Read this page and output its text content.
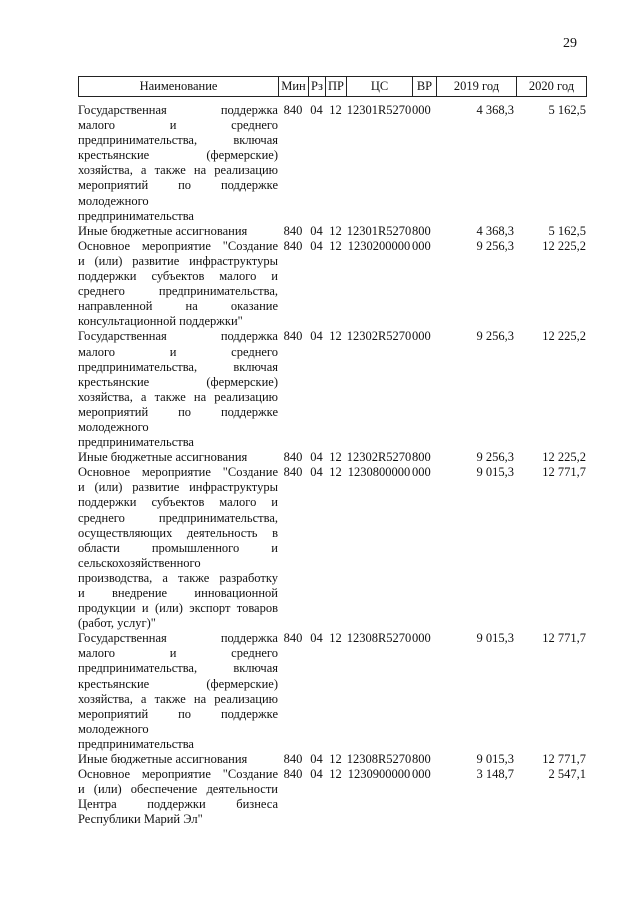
29
Наименование	Мин	Рз	ПР	ЦС	ВР	2019 год	2020 год
Государственная поддержка
малого и среднего
предпринимательства, включая
крестьянские (фермерские)
хозяйства, а также на реализацию
мероприятий по поддержке
молодежного
предпринимательства
840 04 12 12301R5270 000	4 368,3	5 162,5
Иные бюджетные ассигнования	840 04 12 12301R5270 800	4 368,3	5 162,5
Основное мероприятие "Создание
и (или) развитие инфраструктуры
поддержки субъектов малого и
среднего предпринимательства,
направленной на оказание
консультационной поддержки"
840 04 12 1230200000 000	9 256,3	12 225,2
Государственная поддержка
малого и среднего
предпринимательства, включая
крестьянские (фермерские)
хозяйства, а также на реализацию
мероприятий по поддержке
молодежного
предпринимательства
840 04 12 12302R5270 000	9 256,3	12 225,2
Иные бюджетные ассигнования	840 04 12 12302R5270 800	9 256,3	12 225,2
Основное мероприятие "Создание
и (или) развитие инфраструктуры
поддержки субъектов малого и
среднего предпринимательства,
осуществляющих деятельность в
области промышленного и
сельскохозяйственного
производства, а также разработку
и внедрение инновационной
продукции и (или) экспорт товаров
(работ, услуг)"
840 04 12 1230800000 000	9 015,3	12 771,7
Государственная поддержка
малого и среднего
предпринимательства, включая
крестьянские (фермерские)
хозяйства, а также на реализацию
мероприятий по поддержке
молодежного
предпринимательства
840 04 12 12308R5270 000	9 015,3	12 771,7
Иные бюджетные ассигнования	840 04 12 12308R5270 800	9 015,3	12 771,7
Основное мероприятие "Создание
и (или) обеспечение деятельности
Центра поддержки бизнеса
Республики Марий Эл"
840 04 12 1230900000 000	3 148,7	2 547,1
